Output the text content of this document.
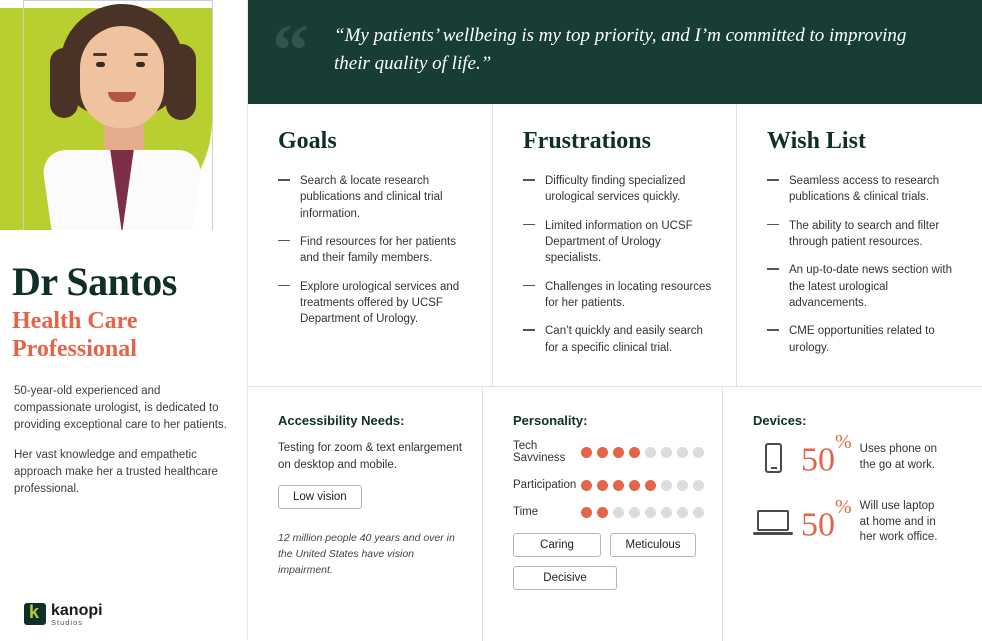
Dr Santos
Health Care Professional

50-year-old experienced and compassionate urologist, is dedicated to providing exceptional care to her patients.

Her vast knowledge and empathetic approach make her a trusted healthcare professional.

k
kanopi
Studios
“ “My patients’ wellbeing is my top priority, and I’m committed to improving their quality of life.”
Goals
Search & locate research publications and clinical trial information.
Find resources for her patients and their family members.
Explore urological services and treatments offered by UCSF Department of Urology.
Frustrations
Difficulty finding specialized urological services quickly.
Limited information on UCSF Department of Urology specialists.
Challenges in locating resources for her patients.
Can’t quickly and easily search for a specific clinical trial.
Wish List
Seamless access to research publications & clinical trials.
The ability to search and filter through patient resources.
An up-to-date news section with the latest urological advancements.
CME opportunities related to urology.
Accessibility Needs:

Testing for zoom & text enlargement on desktop and mobile.

Low vision
12 million people 40 years and over in the United States have vision impairment.
Personality:
Tech Savviness
Participation
Time
Caring	Meticulous
Decisive
Devices:
50% Uses phone on the go at work.
50% Will use laptop at home and in her work office.
